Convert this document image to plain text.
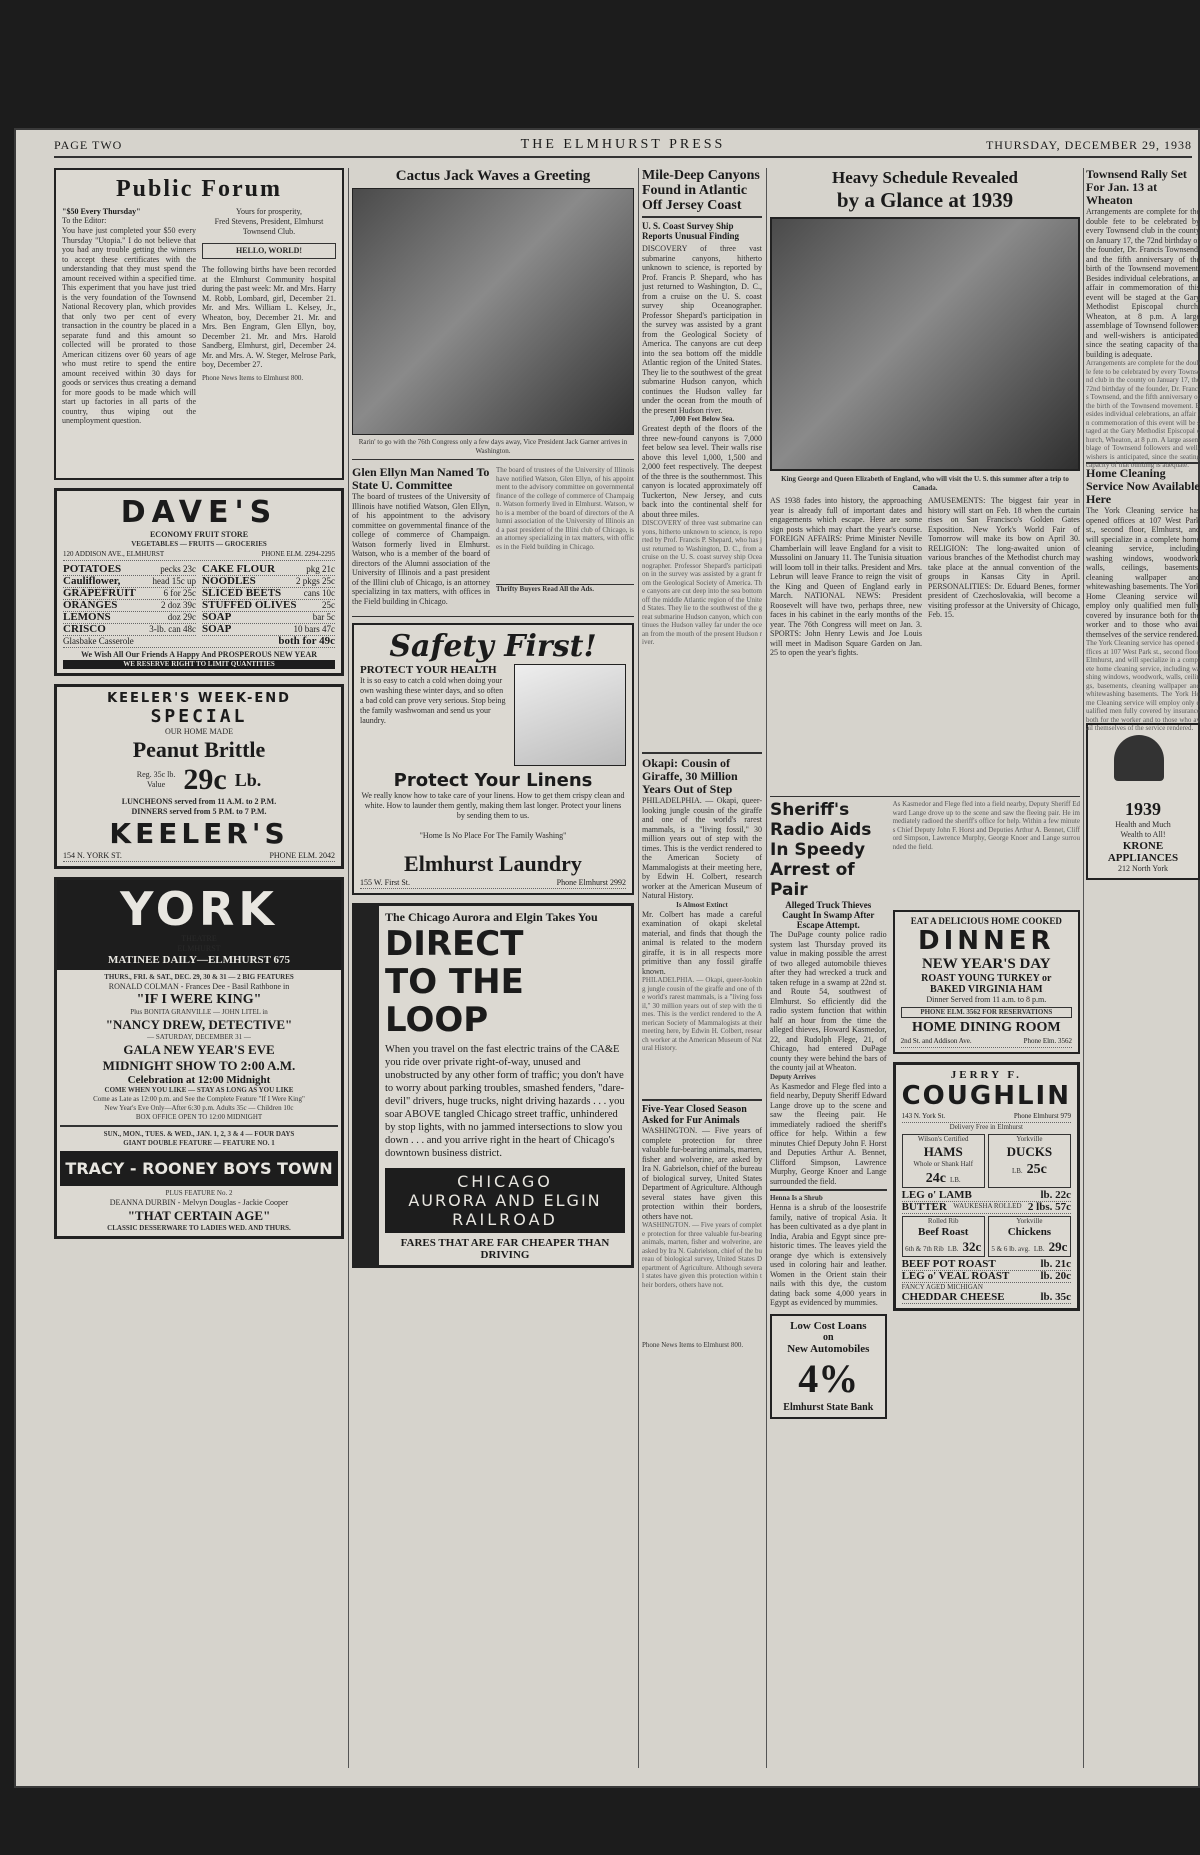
PAGE TWO	THE ELMHURST PRESS	THURSDAY, DECEMBER 29, 1938
Public Forum
"$50 Every Thursday"
To the Editor:
You have just completed your $50 every Thursday "Utopia." I do not believe that you had any trouble getting the winners to accept these certificates with the understanding that they must spend the amount received within a specified time. This experiment that you have just tried is the very foundation of the Townsend National Recovery plan, which provides that only two per cent of every transaction in the country be placed in a separate fund and this amount so collected will be prorated to those American citizens over 60 years of age who must retire to spend the entire amount received within 30 days for goods or services thus creating a demand for more goods to be made which will start up factories in all parts of the country, thus wiping out the unemployment question.
Yours for prosperity,
Fred Stevens, President, Elmhurst Townsend Club.
HELLO, WORLD!
The following births have been recorded at the Elmhurst Community hospital during the past week: Mr. and Mrs. Harry M. Robb, Lombard, girl, December 21. Mr. and Mrs. William L. Kelsey, Jr., Wheaton, boy, December 21. Mr. and Mrs. Ben Engram, Glen Ellyn, boy, December 21. Mr. and Mrs. Harold Sandberg, Elmhurst, girl, December 24. Mr. and Mrs. A. W. Steger, Melrose Park, boy, December 27.
Phone News Items to Elmhurst 800.
DAVE'S
ECONOMY FRUIT STORE
VEGETABLES — FRUITS — GROCERIES
120 ADDISON AVE., ELMHURST	PHONE ELM. 2294-2295
POTATOES	pecks 23c
Cauliflower,	head 15c up
GRAPEFRUIT	6 for 25c
ORANGES	2 doz 39c
LEMONS	doz 29c
CRISCO	3-lb. can 48c
CAKE FLOUR	pkg 21c
NOODLES	2 pkgs 25c
SLICED BEETS	cans 10c
STUFFED OLIVES	25c
SOAP	bar 5c
SOAP	10 bars 47c
Glasbake Casserole	both for 49c
We Wish All Our Friends A Happy And PROSPEROUS NEW YEAR
WE RESERVE RIGHT TO LIMIT QUANTITIES
KEELER'S WEEK-END
SPECIAL
OUR HOME MADE
Peanut Brittle
Reg. 35c lb.
Value 29c Lb.
LUNCHEONS served from 11 A.M. to 2 P.M.
DINNERS served from 5 P.M. to 7 P.M.
KEELER'S
154 N. YORK ST.	PHONE ELM. 2042
YORK
THEATRE
ELMHURST
MATINEE DAILY—ELMHURST 675
THURS., FRI. & SAT., DEC. 29, 30 & 31 — 2 BIG FEATURES
RONALD COLMAN - Frances Dee - Basil Rathbone in
"IF I WERE KING"
Plus BONITA GRANVILLE — JOHN LITEL in
"NANCY DREW, DETECTIVE"
— SATURDAY, DECEMBER 31 —
GALA NEW YEAR'S EVE
MIDNIGHT SHOW TO 2:00 A.M.
Celebration at 12:00 Midnight
COME WHEN YOU LIKE — STAY AS LONG AS YOU LIKE
Come as Late as 12:00 p.m. and See the Complete Feature "If I Were King"
New Year's Eve Only—After 6:30 p.m. Adults 35c — Children 10c
BOX OFFICE OPEN TO 12:00 MIDNIGHT
SUN., MON., TUES. & WED., JAN. 1, 2, 3 & 4 — FOUR DAYS
GIANT DOUBLE FEATURE — FEATURE NO. 1
TRACY - ROONEY BOYS TOWN
PLUS FEATURE No. 2
DEANNA DURBIN - Melvyn Douglas - Jackie Cooper
"THAT CERTAIN AGE"
CLASSIC DESSERWARE TO LADIES WED. AND THURS.
Cactus Jack Waves a Greeting
Rarin' to go with the 76th Congress only a few days away, Vice President Jack Garner arrives in Washington.
Glen Ellyn Man Named To State U. Committee
The board of trustees of the University of Illinois have notified Watson, Glen Ellyn, of his appointment to the advisory committee on governmental finance of the college of commerce of Champaign. Watson formerly lived in Elmhurst. Watson, who is a member of the board of directors of the Alumni association of the University of Illinois and a past president of the Illini club of Chicago, is an attorney specializing in tax matters, with offices in the Field building in Chicago.
The board of trustees of the University of Illinois have notified Watson, Glen Ellyn, of his appointment to the advisory committee on governmental finance of the college of commerce of Champaign. Watson formerly lived in Elmhurst. Watson, who is a member of the board of directors of the Alumni association of the University of Illinois and a past president of the Illini club of Chicago, is an attorney specializing in tax matters, with offices in the Field building in Chicago.
Thrifty Buyers Read All the Ads.
Safety First!
PROTECT YOUR HEALTH
It is so easy to catch a cold when doing your own washing these winter days, and so often a bad cold can prove very serious. Stop being the family washwoman and send us your laundry.
Protect Your Linens
We really know how to take care of your linens. How to get them crispy clean and white. How to launder them gently, making them last longer. Protect your linens by sending them to us.
"Home Is No Place For The Family Washing"
Elmhurst Laundry
155 W. First St.	Phone Elmhurst 2992
The Chicago Aurora and Elgin Takes You
DIRECT
TO THE LOOP
When you travel on the fast electric trains of the CA&E you ride over private right-of-way, unused and unobstructed by any other form of traffic; you don't have to worry about parking troubles, smashed fenders, "dare-devil" drivers, huge trucks, night driving hazards . . . you soar ABOVE tangled Chicago street traffic, unhindered by stop lights, with no jammed intersections to slow you down . . . and you arrive right in the heart of Chicago's downtown business district.
CHICAGO
AURORA AND ELGIN
RAILROAD
FARES THAT ARE FAR CHEAPER THAN DRIVING
Mile-Deep Canyons Found in Atlantic Off Jersey Coast
U. S. Coast Survey Ship Reports Unusual Finding
DISCOVERY of three vast submarine canyons, hitherto unknown to science, is reported by Prof. Francis P. Shepard, who has just returned to Washington, D. C., from a cruise on the U. S. coast survey ship Oceanographer. Professor Shepard's participation in the survey was assisted by a grant from the Geological Society of America. The canyons are cut deep into the sea bottom off the middle Atlantic region of the United States. They lie to the southwest of the great submarine Hudson canyon, which continues the Hudson valley far under the ocean from the mouth of the present Hudson river.
7,000 Feet Below Sea.
Greatest depth of the floors of the three new-found canyons is 7,000 feet below sea level. Their walls rise above this level 1,000, 1,500 and 2,000 feet respectively. The deepest of the three is the southernmost. This canyon is located approximately off Tuckerton, New Jersey, and cuts back into the continental shelf for about three miles.
DISCOVERY of three vast submarine canyons, hitherto unknown to science, is reported by Prof. Francis P. Shepard, who has just returned to Washington, D. C., from a cruise on the U. S. coast survey ship Oceanographer. Professor Shepard's participation in the survey was assisted by a grant from the Geological Society of America. The canyons are cut deep into the sea bottom off the middle Atlantic region of the United States. They lie to the southwest of the great submarine Hudson canyon, which continues the Hudson valley far under the ocean from the mouth of the present Hudson river.
Okapi: Cousin of Giraffe, 30 Million Years Out of Step
PHILADELPHIA. — Okapi, queer-looking jungle cousin of the giraffe and one of the world's rarest mammals, is a "living fossil," 30 million years out of step with the times. This is the verdict rendered to the American Society of Mammalogists at their meeting here, by Edwin H. Colbert, research worker at the American Museum of Natural History.
Is Almost Extinct
Mr. Colbert has made a careful examination of okapi skeletal material, and finds that though the animal is related to the modern giraffe, it is in all respects more primitive than any fossil giraffe known.
PHILADELPHIA. — Okapi, queer-looking jungle cousin of the giraffe and one of the world's rarest mammals, is a "living fossil," 30 million years out of step with the times. This is the verdict rendered to the American Society of Mammalogists at their meeting here, by Edwin H. Colbert, research worker at the American Museum of Natural History.
Five-Year Closed Season Asked for Fur Animals
WASHINGTON. — Five years of complete protection for three valuable fur-bearing animals, marten, fisher and wolverine, are asked by Ira N. Gabrielson, chief of the bureau of biological survey, United States Department of Agriculture. Although several states have given this protection within their borders, others have not.
WASHINGTON. — Five years of complete protection for three valuable fur-bearing animals, marten, fisher and wolverine, are asked by Ira N. Gabrielson, chief of the bureau of biological survey, United States Department of Agriculture. Although several states have given this protection within their borders, others have not.
Phone News Items to Elmhurst 800.
Heavy Schedule Revealed
by a Glance at 1939
King George and Queen Elizabeth of England, who will visit the U. S. this summer after a trip to Canada.
AS 1938 fades into history, the approaching year is already full of important dates and engagements which escape. Here are some sign posts which may chart the year's course. FOREIGN AFFAIRS: Prime Minister Neville Chamberlain will leave England for a visit to Mussolini on January 11. The Tunisia situation will loom toll in their talks. President and Mrs. Lebrun will leave France to reign the visit of the King and Queen of England early in March. NATIONAL NEWS: President Roosevelt will have two, perhaps three, new faces in his cabinet in the early months of the year. The 76th Congress will meet on Jan. 3. SPORTS: John Henry Lewis and Joe Louis will meet in Madison Square Garden on Jan. 25 to open the year's fights.
AMUSEMENTS: The biggest fair year in history will start on Feb. 18 when the curtain rises on San Francisco's Golden Gates Exposition. New York's World Fair of Tomorrow will make its bow on April 30. RELIGION: The long-awaited union of various branches of the Methodist church may take place at the annual convention of the groups in Kansas City in April. PERSONALITIES: Dr. Eduard Benes, former president of Czechoslovakia, will become a visiting professor at the University of Chicago, Feb. 15.
Sheriff's Radio Aids In Speedy Arrest of Pair
Alleged Truck Thieves Caught In Swamp After Escape Attempt.
The DuPage county police radio system last Thursday proved its value in making possible the arrest of two alleged automobile thieves after they had wrecked a truck and taken refuge in a swamp at 22nd st. and Route 54, southwest of Elmhurst. So efficiently did the radio system function that within half an hour from the time the alleged thieves, Howard Kasmedor, 22, and Rudolph Flege, 21, of Chicago, had entered DuPage county they were behind the bars of the county jail at Wheaton.
Deputy Arrives
As Kasmedor and Flege fled into a field nearby, Deputy Sheriff Edward Lange drove up to the scene and saw the fleeing pair. He immediately radioed the sheriff's office for help. Within a few minutes Chief Deputy John F. Horst and Deputies Arthur A. Bennet, Clifford Simpson, Lawrence Murphy, George Knoer and Lange surrounded the field.
Henna Is a Shrub
Henna is a shrub of the loosestrife family, native of tropical Asia. It has been cultivated as a dye plant in India, Arabia and Egypt since pre-historic times. The leaves yield the orange dye which is extensively used in coloring hair and leather. Women in the Orient stain their nails with this dye, the custom dating back some 4,000 years in Egypt as evidenced by mummies.
Low Cost Loans
on
New Automobiles
4%
Elmhurst State Bank
As Kasmedor and Flege fled into a field nearby, Deputy Sheriff Edward Lange drove up to the scene and saw the fleeing pair. He immediately radioed the sheriff's office for help. Within a few minutes Chief Deputy John F. Horst and Deputies Arthur A. Bennet, Clifford Simpson, Lawrence Murphy, George Knoer and Lange surrounded the field.
EAT A DELICIOUS HOME COOKED
DINNER
NEW YEAR'S DAY
ROAST YOUNG TURKEY or
BAKED VIRGINIA HAM
Dinner Served from 11 a.m. to 8 p.m.
PHONE ELM. 3562 FOR RESERVATIONS
HOME DINING ROOM
2nd St. and Addison Ave.	Phone Elm. 3562
JERRY F.
COUGHLIN
143 N. York St.	Phone Elmhurst 979
Delivery Free in Elmhurst
Wilson's Certified
HAMS
Whole or Shank Half
24c LB.
Yorkville
DUCKS
LB. 25c
LEG o' LAMB	lb. 22c
BUTTER WAUKESHA ROLLED 2 lbs. 57c
Rolled Rib
Beef Roast
6th & 7th Rib LB. 32c
Yorkville
Chickens
5 & 6 lb. avg. LB. 29c
BEEF POT ROAST	lb. 21c
LEG o' VEAL ROAST	lb. 20c
FANCY AGED MICHIGAN
CHEDDAR CHEESE	lb. 35c
Townsend Rally Set For Jan. 13 at Wheaton
Arrangements are complete for the double fete to be celebrated by every Townsend club in the county on January 17, the 72nd birthday of the founder, Dr. Francis Townsend, and the fifth anniversary of the birth of the Townsend movement. Besides individual celebrations, an affair in commemoration of this event will be staged at the Gary Methodist Episcopal church, Wheaton, at 8 p.m. A large assemblage of Townsend followers and well-wishers is anticipated, since the seating capacity of that building is adequate.
Arrangements are complete for the double fete to be celebrated by every Townsend club in the county on January 17, the 72nd birthday of the founder, Dr. Francis Townsend, and the fifth anniversary of the birth of the Townsend movement. Besides individual celebrations, an affair in commemoration of this event will be staged at the Gary Methodist Episcopal church, Wheaton, at 8 p.m. A large assemblage of Townsend followers and well-wishers is anticipated, since the seating capacity of that building is adequate.
Home Cleaning Service Now Available Here
The York Cleaning service has opened offices at 107 West Park st., second floor, Elmhurst, and will specialize in a complete home cleaning service, including washing windows, woodwork, walls, ceilings, basements, cleaning wallpaper and whitewashing basements. The York Home Cleaning service will employ only qualified men fully covered by insurance both for the worker and to those who avail themselves of the service rendered.
The York Cleaning service has opened offices at 107 West Park st., second floor, Elmhurst, and will specialize in a complete home cleaning service, including washing windows, woodwork, walls, ceilings, basements, cleaning wallpaper and whitewashing basements. The York Home Cleaning service will employ only qualified men fully covered by insurance both for the worker and to those who avail themselves of the service rendered.
1939
Health and Much
Wealth to All!
KRONE APPLIANCES
212 North York
